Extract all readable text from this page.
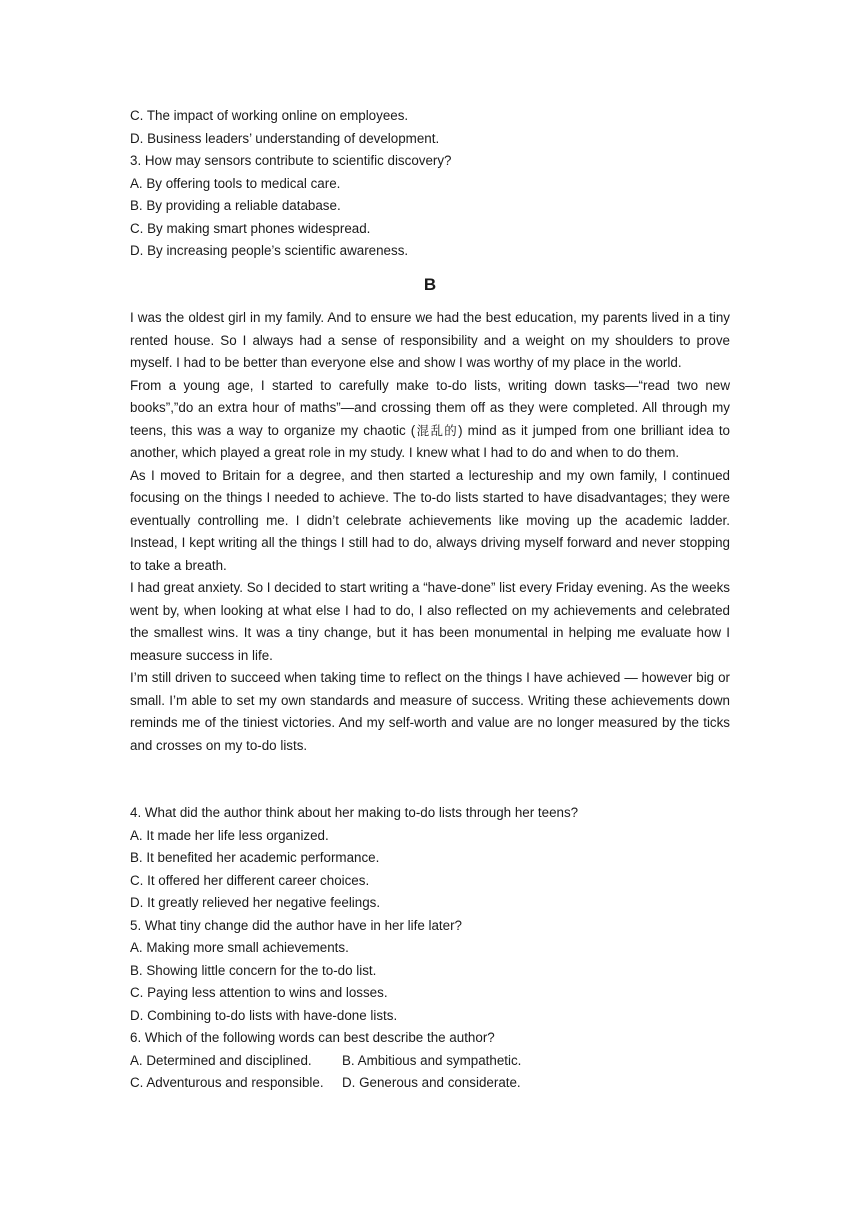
C. The impact of working online on employees.
D. Business leaders’ understanding of development.
3. How may sensors contribute to scientific discovery?
A. By offering tools to medical care.
B. By providing a reliable database.
C. By making smart phones widespread.
D. By increasing people’s scientific awareness.
B

I was the oldest girl in my family. And to ensure we had the best education, my parents lived in a tiny rented house. So I always had a sense of responsibility and a weight on my shoulders to prove myself. I had to be better than everyone else and show I was worthy of my place in the world.

From a young age, I started to carefully make to-do lists, writing down tasks—“read two new books”,”do an extra hour of maths”—and crossing them off as they were completed. All through my teens, this was a way to organize my chaotic (混乱的) mind as it jumped from one brilliant idea to another, which played a great role in my study. I knew what I had to do and when to do them.

As I moved to Britain for a degree, and then started a lectureship and my own family, I continued focusing on the things I needed to achieve. The to-do lists started to have disadvantages; they were eventually controlling me. I didn’t celebrate achievements like moving up the academic ladder. Instead, I kept writing all the things I still had to do, always driving myself forward and never stopping to take a breath.

I had great anxiety. So I decided to start writing a “have-done” list every Friday evening. As the weeks went by, when looking at what else I had to do, I also reflected on my achievements and celebrated the smallest wins. It was a tiny change, but it has been monumental in helping me evaluate how I measure success in life.

I’m still driven to succeed when taking time to reflect on the things I have achieved — however big or small. I’m able to set my own standards and measure of success. Writing these achievements down reminds me of the tiniest victories. And my self-worth and value are no longer measured by the ticks and crosses on my to-do lists.

4. What did the author think about her making to-do lists through her teens?
A. It made her life less organized.
B. It benefited her academic performance.
C. It offered her different career choices.
D. It greatly relieved her negative feelings.
5. What tiny change did the author have in her life later?
A. Making more small achievements.
B. Showing little concern for the to-do list.
C. Paying less attention to wins and losses.
D. Combining to-do lists with have-done lists.
6. Which of the following words can best describe the author?
A. Determined and disciplined.	B. Ambitious and sympathetic.
C. Adventurous and responsible.	D. Generous and considerate.
